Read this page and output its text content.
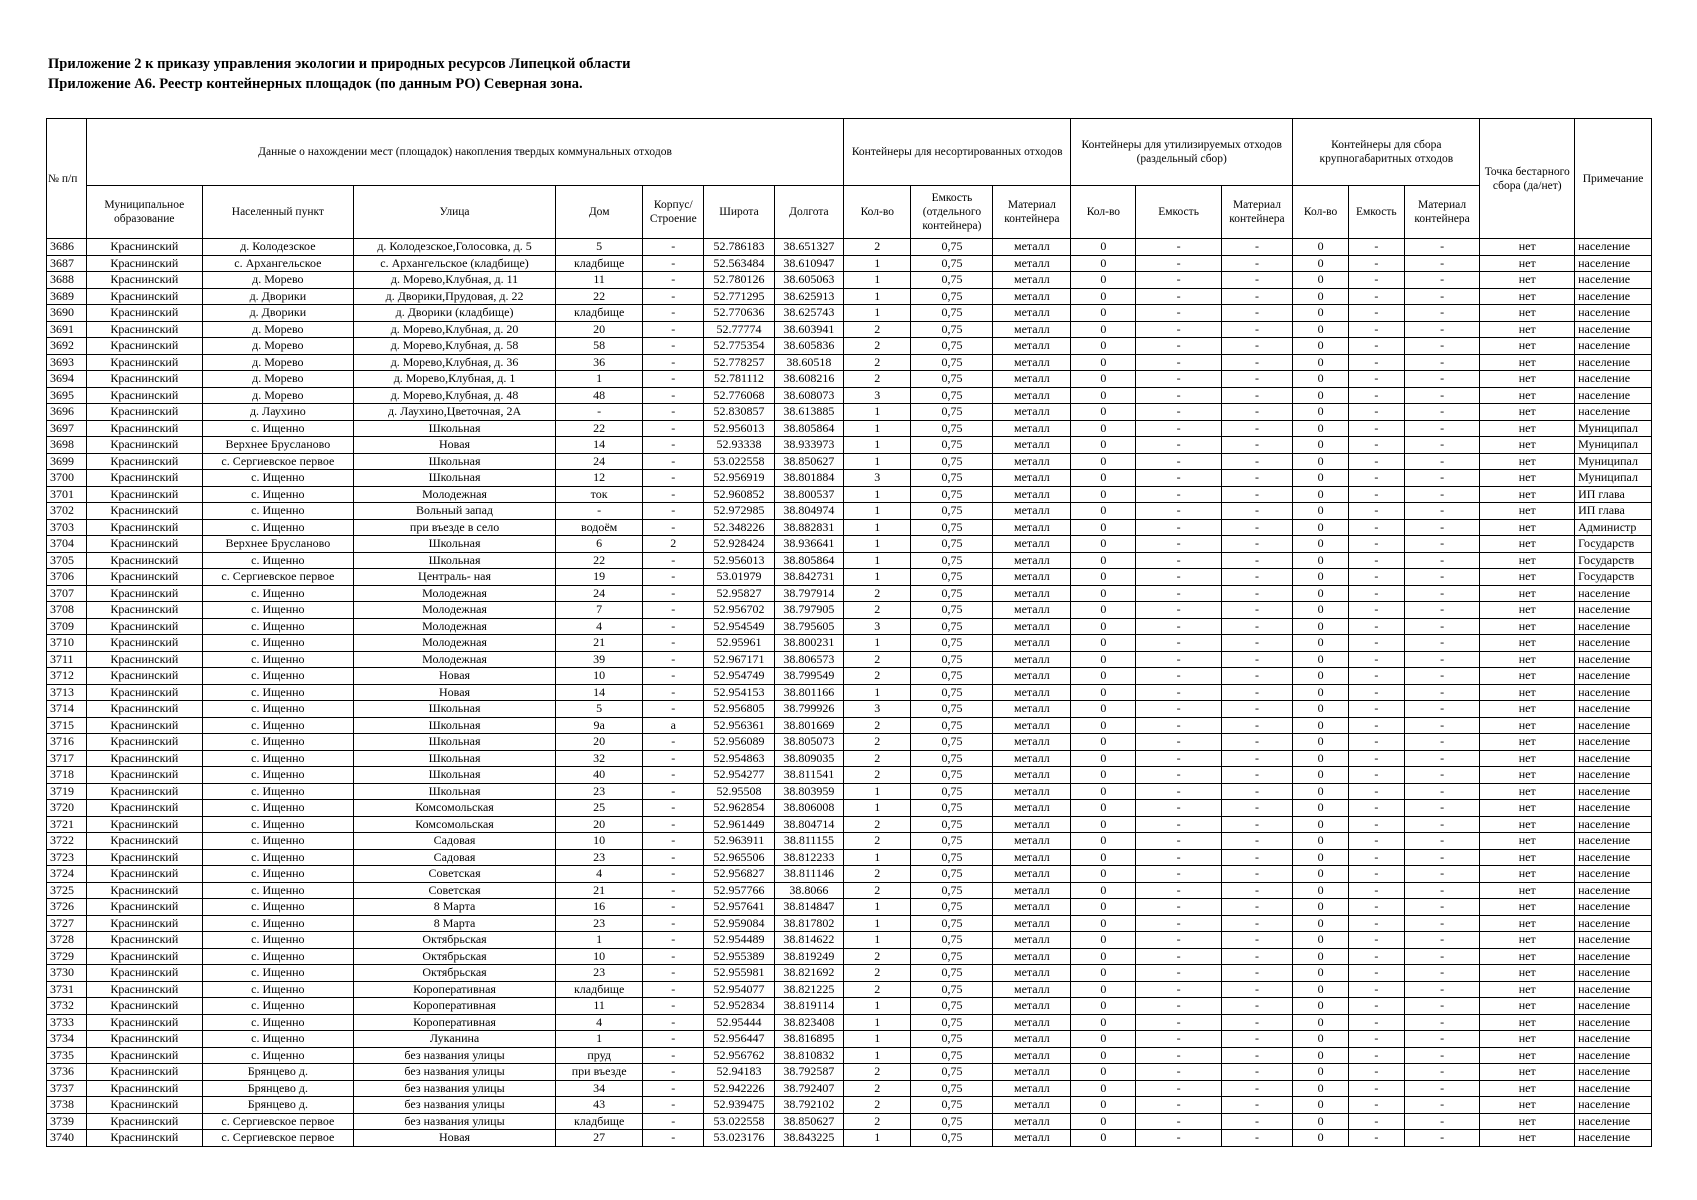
Приложение 2 к приказу управления экологии и природных ресурсов Липецкой области
Приложение А6. Реестр контейнерных площадок (по данным РО) Северная зона.
№ п/п	Данные о нахождении мест (площадок) накопления твердых коммунальных отходов							Контейнеры для несортированных отходов			Контейнеры для утилизируемых отходов (раздельный сбор)			Контейнеры для сбора крупногабаритных отходов			Точка бестарного сбора (да/нет)	Примечание
	Муниципальное образование	Населенный пункт	Улица	Дом	Корпус/ Строение	Широта	Долгота	Кол-во	Емкость (отдельного контейнера)	Материал контейнера	Кол-во	Емкость	Материал контейнера	Кол-во	Емкость	Материал контейнера		
3686	Краснинский	д. Колодезское	д. Колодезское,Голосовка, д. 5	5	-	52.786183	38.651327	2	0,75	металл	0	-	-	0	-	-	нет	население
3687	Краснинский	с. Архангельское	с. Архангельское (кладбище)	кладбище	-	52.563484	38.610947	1	0,75	металл	0	-	-	0	-	-	нет	население
3688	Краснинский	д. Морево	д. Морево,Клубная, д. 11	11	-	52.780126	38.605063	1	0,75	металл	0	-	-	0	-	-	нет	население
3689	Краснинский	д. Дворики	д. Дворики,Прудовая, д. 22	22	-	52.771295	38.625913	1	0,75	металл	0	-	-	0	-	-	нет	население
3690	Краснинский	д. Дворики	д. Дворики (кладбище)	кладбище	-	52.770636	38.625743	1	0,75	металл	0	-	-	0	-	-	нет	население
3691	Краснинский	д. Морево	д. Морево,Клубная, д. 20	20	-	52.77774	38.603941	2	0,75	металл	0	-	-	0	-	-	нет	население
3692	Краснинский	д. Морево	д. Морево,Клубная, д. 58	58	-	52.775354	38.605836	2	0,75	металл	0	-	-	0	-	-	нет	население
3693	Краснинский	д. Морево	д. Морево,Клубная, д. 36	36	-	52.778257	38.60518	2	0,75	металл	0	-	-	0	-	-	нет	население
3694	Краснинский	д. Морево	д. Морево,Клубная, д. 1	1	-	52.781112	38.608216	2	0,75	металл	0	-	-	0	-	-	нет	население
3695	Краснинский	д. Морево	д. Морево,Клубная, д. 48	48	-	52.776068	38.608073	3	0,75	металл	0	-	-	0	-	-	нет	население
3696	Краснинский	д. Лаухино	д. Лаухино,Цветочная, 2А	-	-	52.830857	38.613885	1	0,75	металл	0	-	-	0	-	-	нет	население
3697	Краснинский	с. Ищенно	Школьная	22	-	52.956013	38.805864	1	0,75	металл	0	-	-	0	-	-	нет	Муниципал
3698	Краснинский	Верхнее Брусланово	Новая	14	-	52.93338	38.933973	1	0,75	металл	0	-	-	0	-	-	нет	Муниципал
3699	Краснинский	с. Сергиевское первое	Школьная	24	-	53.022558	38.850627	1	0,75	металл	0	-	-	0	-	-	нет	Муниципал
3700	Краснинский	с. Ищенно	Школьная	12	-	52.956919	38.801884	3	0,75	металл	0	-	-	0	-	-	нет	Муниципал
3701	Краснинский	с. Ищенно	Молодежная	ток	-	52.960852	38.800537	1	0,75	металл	0	-	-	0	-	-	нет	ИП глава
3702	Краснинский	с. Ищенно	Вольный запад	-	-	52.972985	38.804974	1	0,75	металл	0	-	-	0	-	-	нет	ИП глава
3703	Краснинский	с. Ищенно	при въезде в село	водоём	-	52.348226	38.882831	1	0,75	металл	0	-	-	0	-	-	нет	Администр
3704	Краснинский	Верхнее Брусланово	Школьная	6	2	52.928424	38.936641	1	0,75	металл	0	-	-	0	-	-	нет	Государств
3705	Краснинский	с. Ищенно	Школьная	22	-	52.956013	38.805864	1	0,75	металл	0	-	-	0	-	-	нет	Государств
3706	Краснинский	с. Сергиевское первое	Централь- ная	19	-	53.01979	38.842731	1	0,75	металл	0	-	-	0	-	-	нет	Государств
3707	Краснинский	с. Ищенно	Молодежная	24	-	52.95827	38.797914	2	0,75	металл	0	-	-	0	-	-	нет	население
3708	Краснинский	с. Ищенно	Молодежная	7	-	52.956702	38.797905	2	0,75	металл	0	-	-	0	-	-	нет	население
3709	Краснинский	с. Ищенно	Молодежная	4	-	52.954549	38.795605	3	0,75	металл	0	-	-	0	-	-	нет	население
3710	Краснинский	с. Ищенно	Молодежная	21	-	52.95961	38.800231	1	0,75	металл	0	-	-	0	-	-	нет	население
3711	Краснинский	с. Ищенно	Молодежная	39	-	52.967171	38.806573	2	0,75	металл	0	-	-	0	-	-	нет	население
3712	Краснинский	с. Ищенно	Новая	10	-	52.954749	38.799549	2	0,75	металл	0	-	-	0	-	-	нет	население
3713	Краснинский	с. Ищенно	Новая	14	-	52.954153	38.801166	1	0,75	металл	0	-	-	0	-	-	нет	население
3714	Краснинский	с. Ищенно	Школьная	5	-	52.956805	38.799926	3	0,75	металл	0	-	-	0	-	-	нет	население
3715	Краснинский	с. Ищенно	Школьная	9а	а	52.956361	38.801669	2	0,75	металл	0	-	-	0	-	-	нет	население
3716	Краснинский	с. Ищенно	Школьная	20	-	52.956089	38.805073	2	0,75	металл	0	-	-	0	-	-	нет	население
3717	Краснинский	с. Ищенно	Школьная	32	-	52.954863	38.809035	2	0,75	металл	0	-	-	0	-	-	нет	население
3718	Краснинский	с. Ищенно	Школьная	40	-	52.954277	38.811541	2	0,75	металл	0	-	-	0	-	-	нет	население
3719	Краснинский	с. Ищенно	Школьная	23	-	52.95508	38.803959	1	0,75	металл	0	-	-	0	-	-	нет	население
3720	Краснинский	с. Ищенно	Комсомольская	25	-	52.962854	38.806008	1	0,75	металл	0	-	-	0	-	-	нет	население
3721	Краснинский	с. Ищенно	Комсомольская	20	-	52.961449	38.804714	2	0,75	металл	0	-	-	0	-	-	нет	население
3722	Краснинский	с. Ищенно	Садовая	10	-	52.963911	38.811155	2	0,75	металл	0	-	-	0	-	-	нет	население
3723	Краснинский	с. Ищенно	Садовая	23	-	52.965506	38.812233	1	0,75	металл	0	-	-	0	-	-	нет	население
3724	Краснинский	с. Ищенно	Советская	4	-	52.956827	38.811146	2	0,75	металл	0	-	-	0	-	-	нет	население
3725	Краснинский	с. Ищенно	Советская	21	-	52.957766	38.8066	2	0,75	металл	0	-	-	0	-	-	нет	население
3726	Краснинский	с. Ищенно	8 Марта	16	-	52.957641	38.814847	1	0,75	металл	0	-	-	0	-	-	нет	население
3727	Краснинский	с. Ищенно	8 Марта	23	-	52.959084	38.817802	1	0,75	металл	0	-	-	0	-	-	нет	население
3728	Краснинский	с. Ищенно	Октябрьская	1	-	52.954489	38.814622	1	0,75	металл	0	-	-	0	-	-	нет	население
3729	Краснинский	с. Ищенно	Октябрьская	10	-	52.955389	38.819249	2	0,75	металл	0	-	-	0	-	-	нет	население
3730	Краснинский	с. Ищенно	Октябрьская	23	-	52.955981	38.821692	2	0,75	металл	0	-	-	0	-	-	нет	население
3731	Краснинский	с. Ищенно	Короперативная	кладбище	-	52.954077	38.821225	2	0,75	металл	0	-	-	0	-	-	нет	население
3732	Краснинский	с. Ищенно	Короперативная	11	-	52.952834	38.819114	1	0,75	металл	0	-	-	0	-	-	нет	население
3733	Краснинский	с. Ищенно	Короперативная	4	-	52.95444	38.823408	1	0,75	металл	0	-	-	0	-	-	нет	население
3734	Краснинский	с. Ищенно	Луканина	1	-	52.956447	38.816895	1	0,75	металл	0	-	-	0	-	-	нет	население
3735	Краснинский	с. Ищенно	без названия улицы	пруд	-	52.956762	38.810832	1	0,75	металл	0	-	-	0	-	-	нет	население
3736	Краснинский	Брянцево д.	без названия улицы	при въезде	-	52.94183	38.792587	2	0,75	металл	0	-	-	0	-	-	нет	население
3737	Краснинский	Брянцево д.	без названия улицы	34	-	52.942226	38.792407	2	0,75	металл	0	-	-	0	-	-	нет	население
3738	Краснинский	Брянцево д.	без названия улицы	43	-	52.939475	38.792102	2	0,75	металл	0	-	-	0	-	-	нет	население
3739	Краснинский	с. Сергиевское первое	без названия улицы	кладбище	-	53.022558	38.850627	2	0,75	металл	0	-	-	0	-	-	нет	население
3740	Краснинский	с. Сергиевское первое	Новая	27	-	53.023176	38.843225	1	0,75	металл	0	-	-	0	-	-	нет	население
